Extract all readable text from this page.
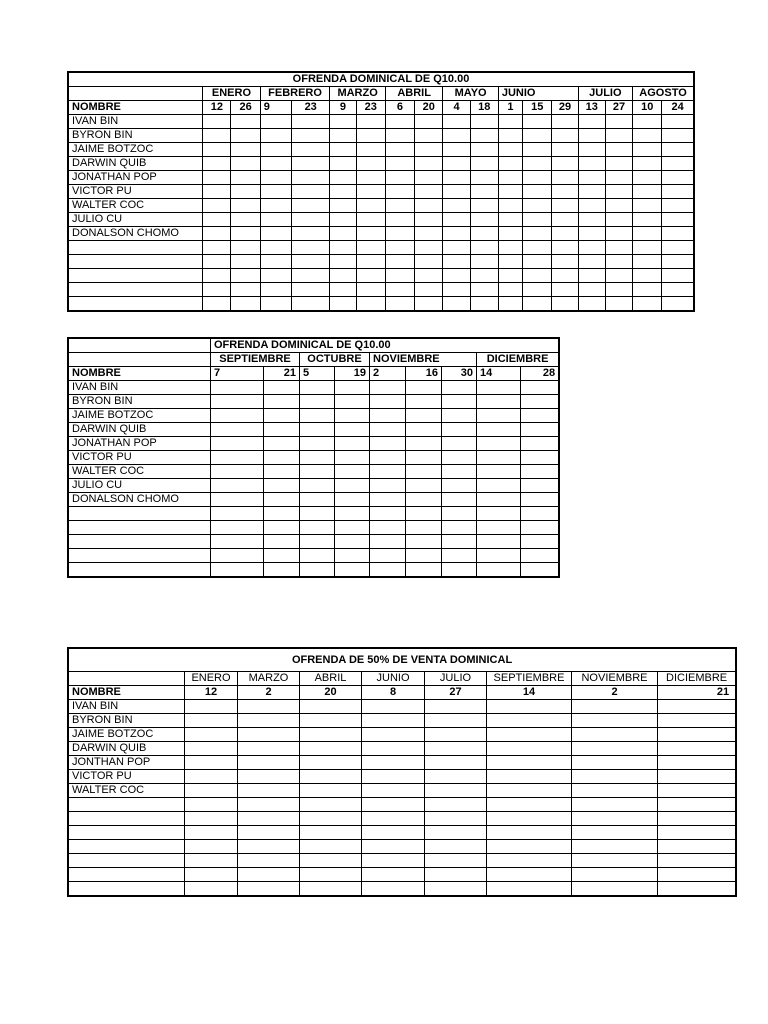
OFRENDA DOMINICAL DE Q10.00																	
	ENERO		FEBRERO		MARZO		ABRIL		MAYO		JUNIO			JULIO		AGOSTO	
NOMBRE	12	26	9	23	9	23	6	20	4	18	1	15	29	13	27	10	24
IVAN BIN																	
BYRON BIN																	
JAIME BOTZOC																	
DARWIN QUIB																	
JONATHAN POP																	
VICTOR PU																	
WALTER COC																	
JULIO CU																	
DONALSON CHOMO																	

	OFRENDA DOMINICAL DE Q10.00								
	SEPTIEMBRE		OCTUBRE		NOVIEMBRE			DICIEMBRE	
NOMBRE	7	21	5	19	2	16	30	14	28
IVAN BIN									
BYRON BIN									
JAIME BOTZOC									
DARWIN QUIB									
JONATHAN POP									
VICTOR PU									
WALTER COC									
JULIO CU									
DONALSON CHOMO									

OFRENDA DE 50% DE VENTA DOMINICAL								
	ENERO	MARZO	ABRIL	JUNIO	JULIO	SEPTIEMBRE	NOVIEMBRE	DICIEMBRE
NOMBRE	12	2	20	8	27	14	2	21
IVAN BIN								
BYRON BIN								
JAIME BOTZOC								
DARWIN QUIB								
JONTHAN POP								
VICTOR PU								
WALTER COC								
